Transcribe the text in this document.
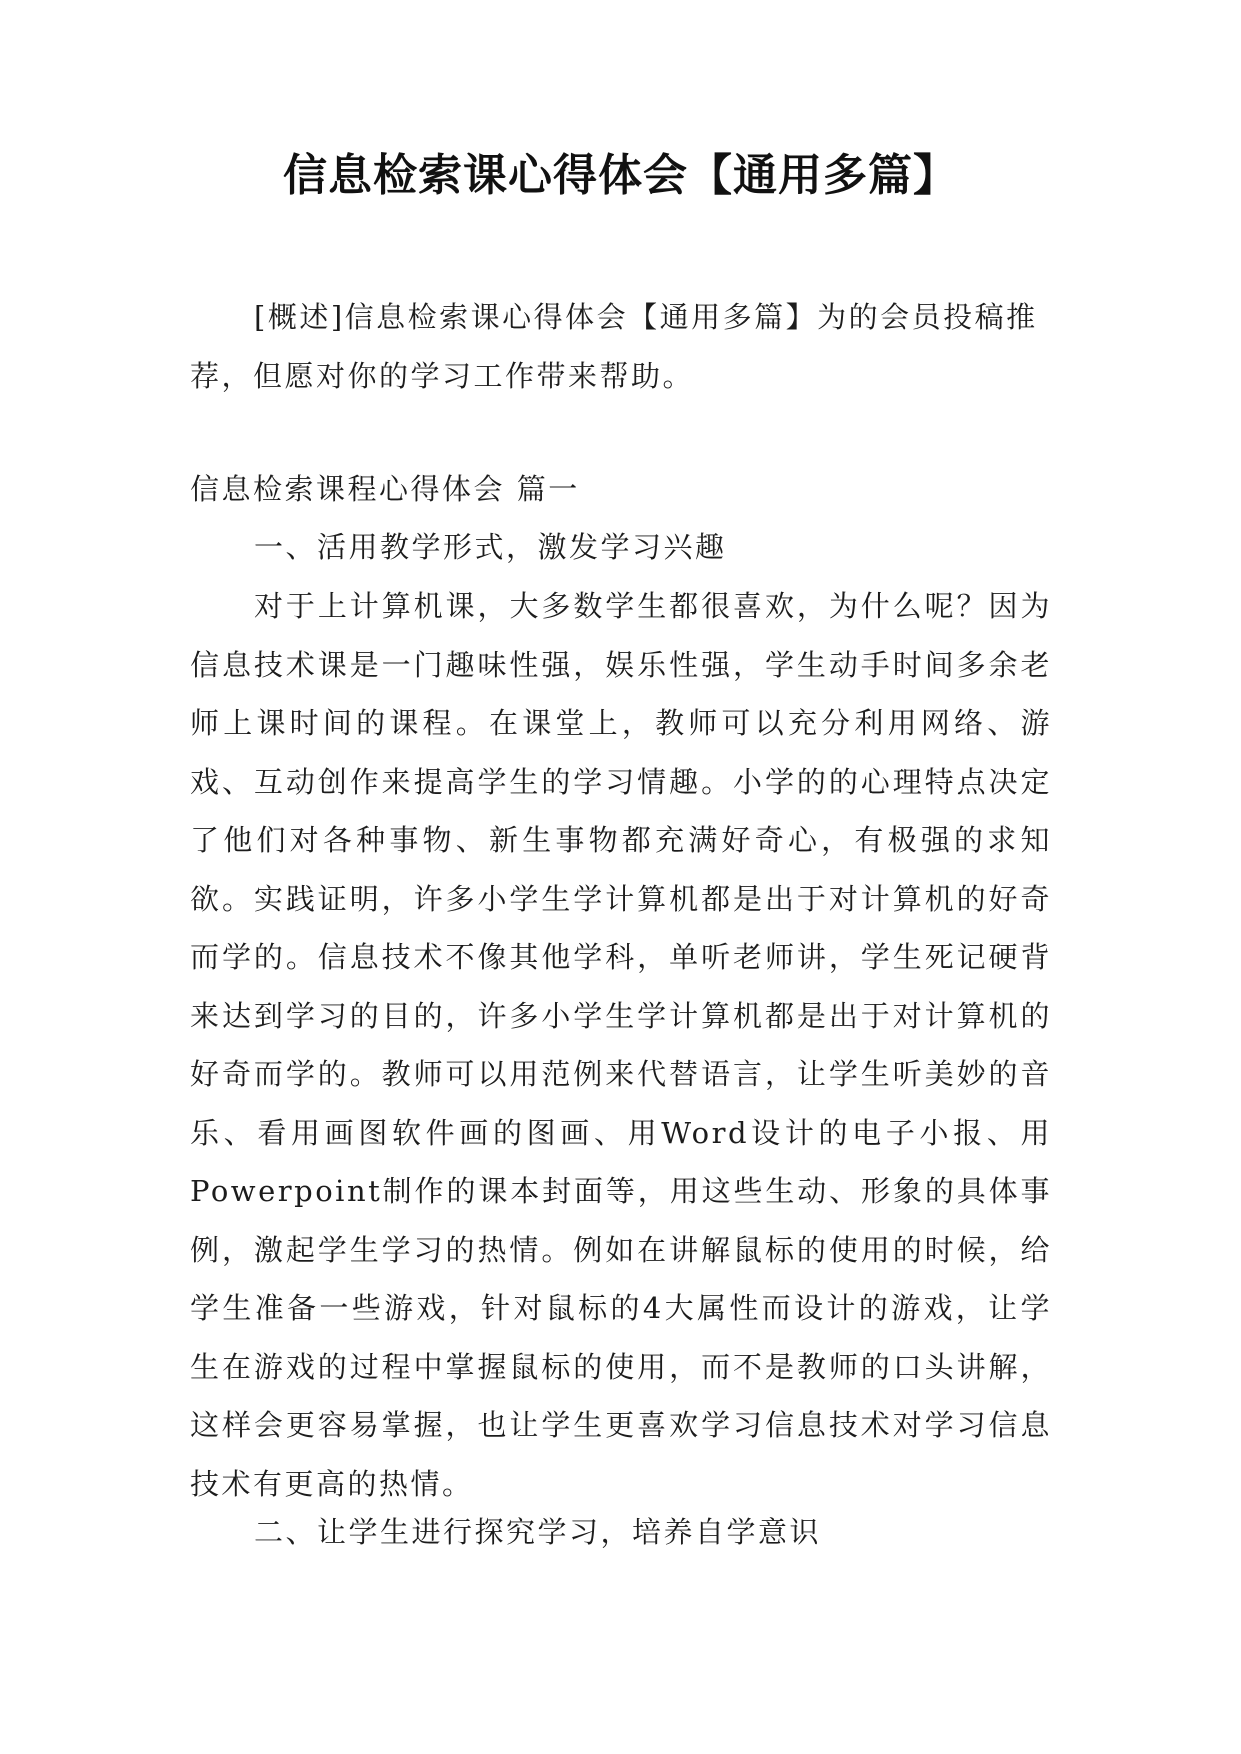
信息检索课心得体会【通用多篇】

[概述]信息检索课心得体会【通用多篇】为的会员投稿推荐，但愿对你的学习工作带来帮助。

信息检索课程心得体会 篇一

一、活用教学形式，激发学习兴趣

对于上计算机课，大多数学生都很喜欢，为什么呢？因为信息技术课是一门趣味性强，娱乐性强，学生动手时间多余老师上课时间的课程。在课堂上，教师可以充分利用网络、游戏、互动创作来提高学生的学习情趣。小学的的心理特点决定了他们对各种事物、新生事物都充满好奇心，有极强的求知欲。实践证明，许多小学生学计算机都是出于对计算机的好奇而学的。信息技术不像其他学科，单听老师讲，学生死记硬背来达到学习的目的，许多小学生学计算机都是出于对计算机的好奇而学的。教师可以用范例来代替语言，让学生听美妙的音乐、看用画图软件画的图画、用Word设计的电子小报、用Powerpoint制作的课本封面等，用这些生动、形象的具体事例，激起学生学习的热情。例如在讲解鼠标的使用的时候，给学生准备一些游戏，针对鼠标的4大属性而设计的游戏，让学生在游戏的过程中掌握鼠标的使用，而不是教师的口头讲解，这样会更容易掌握，也让学生更喜欢学习信息技术对学习信息技术有更高的热情。

二、让学生进行探究学习，培养自学意识
